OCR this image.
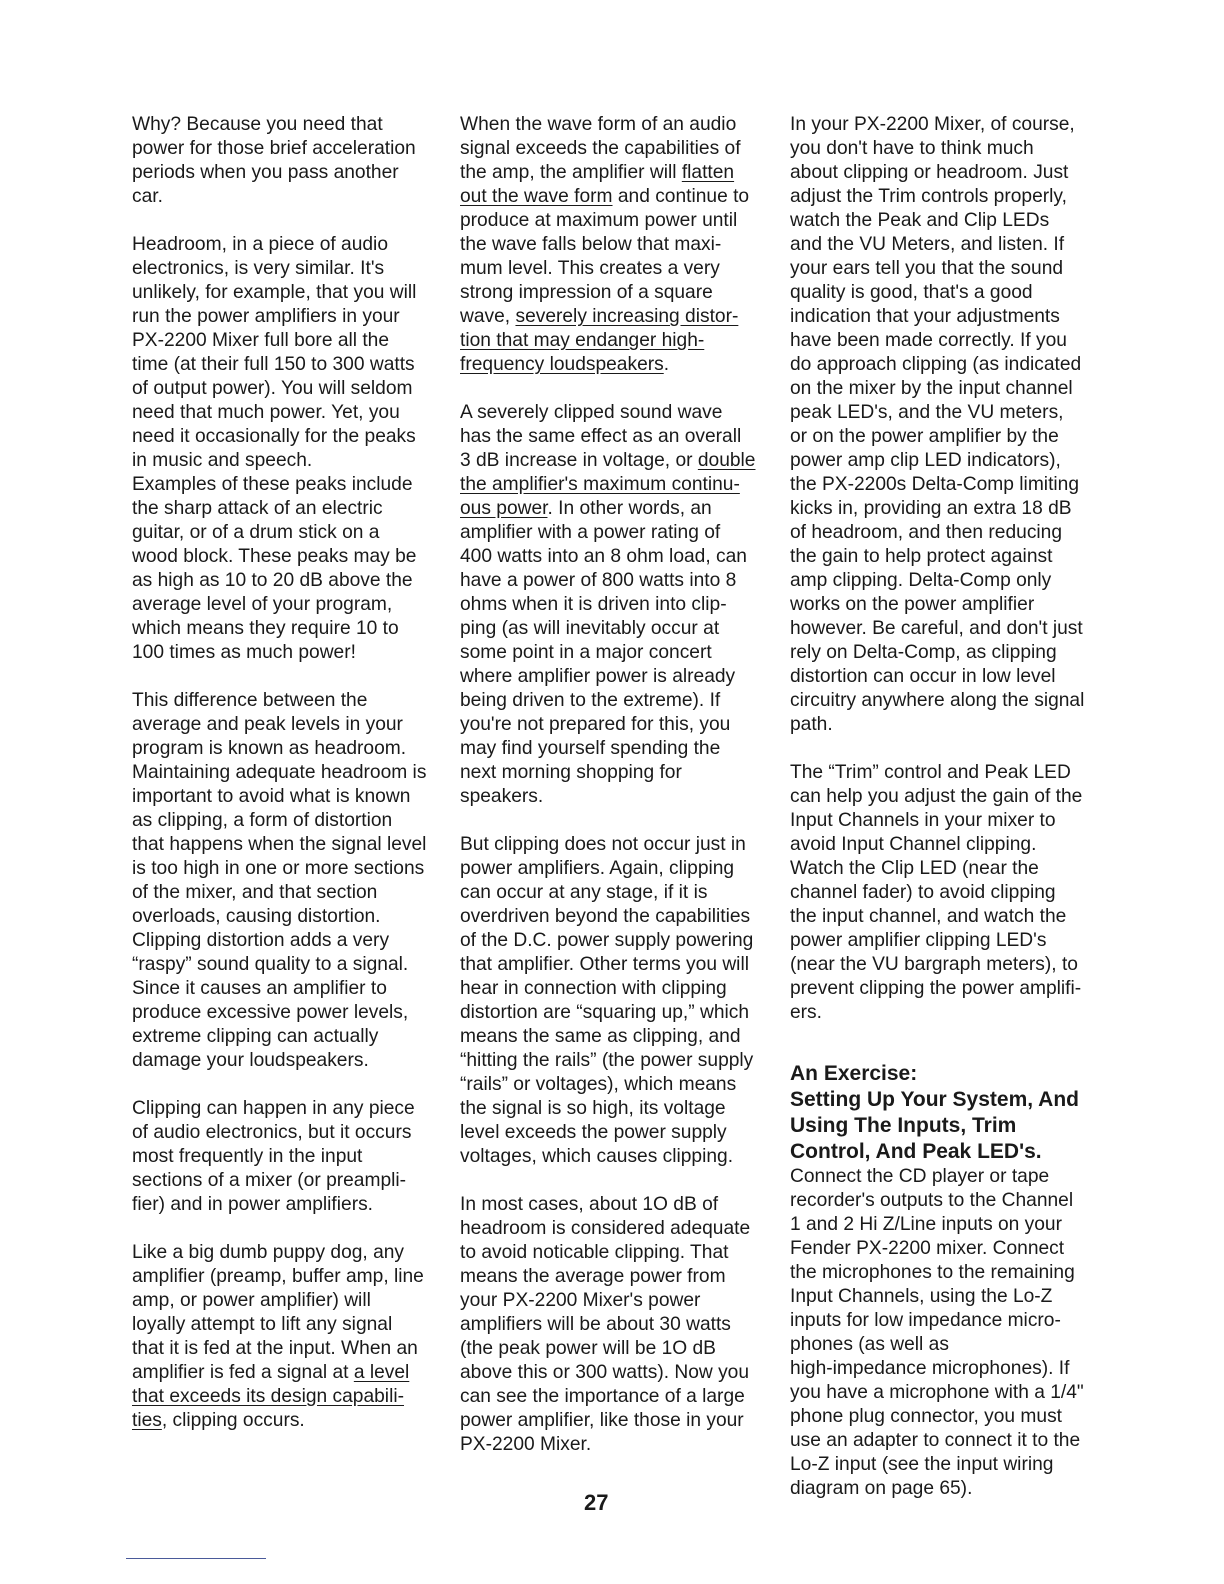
Why? Because you need that
power for those brief acceleration
periods when you pass another
car.
Headroom, in a piece of audio
electronics, is very similar. It's
unlikely, for example, that you will
run the power amplifiers in your
PX-2200 Mixer full bore all the
time (at their full 150 to 300 watts
of output power). You will seldom
need that much power. Yet, you
need it occasionally for the peaks
in music and speech.
Examples of these peaks include
the sharp attack of an electric
guitar, or of a drum stick on a
wood block. These peaks may be
as high as 10 to 20 dB above the
average level of your program,
which means they require 10 to
100 times as much power!
This difference between the
average and peak levels in your
program is known as headroom.
Maintaining adequate headroom is
important to avoid what is known
as clipping, a form of distortion
that happens when the signal level
is too high in one or more sections
of the mixer, and that section
overloads, causing distortion.
Clipping distortion adds a very
“raspy” sound quality to a signal.
Since it causes an amplifier to
produce excessive power levels,
extreme clipping can actually
damage your loudspeakers.
Clipping can happen in any piece
of audio electronics, but it occurs
most frequently in the input
sections of a mixer (or preampli-
fier) and in power amplifiers.
Like a big dumb puppy dog, any
amplifier (preamp, buffer amp, line
amp, or power amplifier) will
loyally attempt to lift any signal
that it is fed at the input. When an
amplifier is fed a signal at a level
that exceeds its design capabili-
ties, clipping occurs.
When the wave form of an audio
signal exceeds the capabilities of
the amp, the amplifier will flatten
out the wave form and continue to
produce at maximum power until
the wave falls below that maxi-
mum level. This creates a very
strong impression of a square
wave, severely increasing distor-
tion that may endanger high-
frequency loudspeakers.
A severely clipped sound wave
has the same effect as an overall
3 dB increase in voltage, or double
the amplifier's maximum continu-
ous power. In other words, an
amplifier with a power rating of
400 watts into an 8 ohm load, can
have a power of 800 watts into 8
ohms when it is driven into clip-
ping (as will inevitably occur at
some point in a major concert
where amplifier power is already
being driven to the extreme). If
you're not prepared for this, you
may find yourself spending the
next morning shopping for
speakers.
But clipping does not occur just in
power amplifiers. Again, clipping
can occur at any stage, if it is
overdriven beyond the capabilities
of the D.C. power supply powering
that amplifier. Other terms you will
hear in connection with clipping
distortion are “squaring up,” which
means the same as clipping, and
“hitting the rails” (the power supply
“rails” or voltages), which means
the signal is so high, its voltage
level exceeds the power supply
voltages, which causes clipping.
In most cases, about 1O dB of
headroom is considered adequate
to avoid noticable clipping. That
means the average power from
your PX-2200 Mixer's power
amplifiers will be about 30 watts
(the peak power will be 1O dB
above this or 300 watts). Now you
can see the importance of a large
power amplifier, like those in your
PX-2200 Mixer.
In your PX-2200 Mixer, of course,
you don't have to think much
about clipping or headroom. Just
adjust the Trim controls properly,
watch the Peak and Clip LEDs
and the VU Meters, and listen. If
your ears tell you that the sound
quality is good, that's a good
indication that your adjustments
have been made correctly. If you
do approach clipping (as indicated
on the mixer by the input channel
peak LED's, and the VU meters,
or on the power amplifier by the
power amp clip LED indicators),
the PX-2200s Delta-Comp limiting
kicks in, providing an extra 18 dB
of headroom, and then reducing
the gain to help protect against
amp clipping. Delta-Comp only
works on the power amplifier
however. Be careful, and don't just
rely on Delta-Comp, as clipping
distortion can occur in low level
circuitry anywhere along the signal
path.
The “Trim” control and Peak LED
can help you adjust the gain of the
Input Channels in your mixer to
avoid Input Channel clipping.
Watch the Clip LED (near the
channel fader) to avoid clipping
the input channel, and watch the
power amplifier clipping LED's
(near the VU bargraph meters), to
prevent clipping the power amplifi-
ers.
An Exercise:
Setting Up Your System, And
Using The Inputs, Trim
Control, And Peak LED's.
Connect the CD player or tape
recorder's outputs to the Channel
1 and 2 Hi Z/Line inputs on your
Fender PX-2200 mixer. Connect
the microphones to the remaining
Input Channels, using the Lo-Z
inputs for low impedance micro-
phones (as well as
high-impedance microphones). If
you have a microphone with a 1/4"
phone plug connector, you must
use an adapter to connect it to the
Lo-Z input (see the input wiring
diagram on page 65).
27
